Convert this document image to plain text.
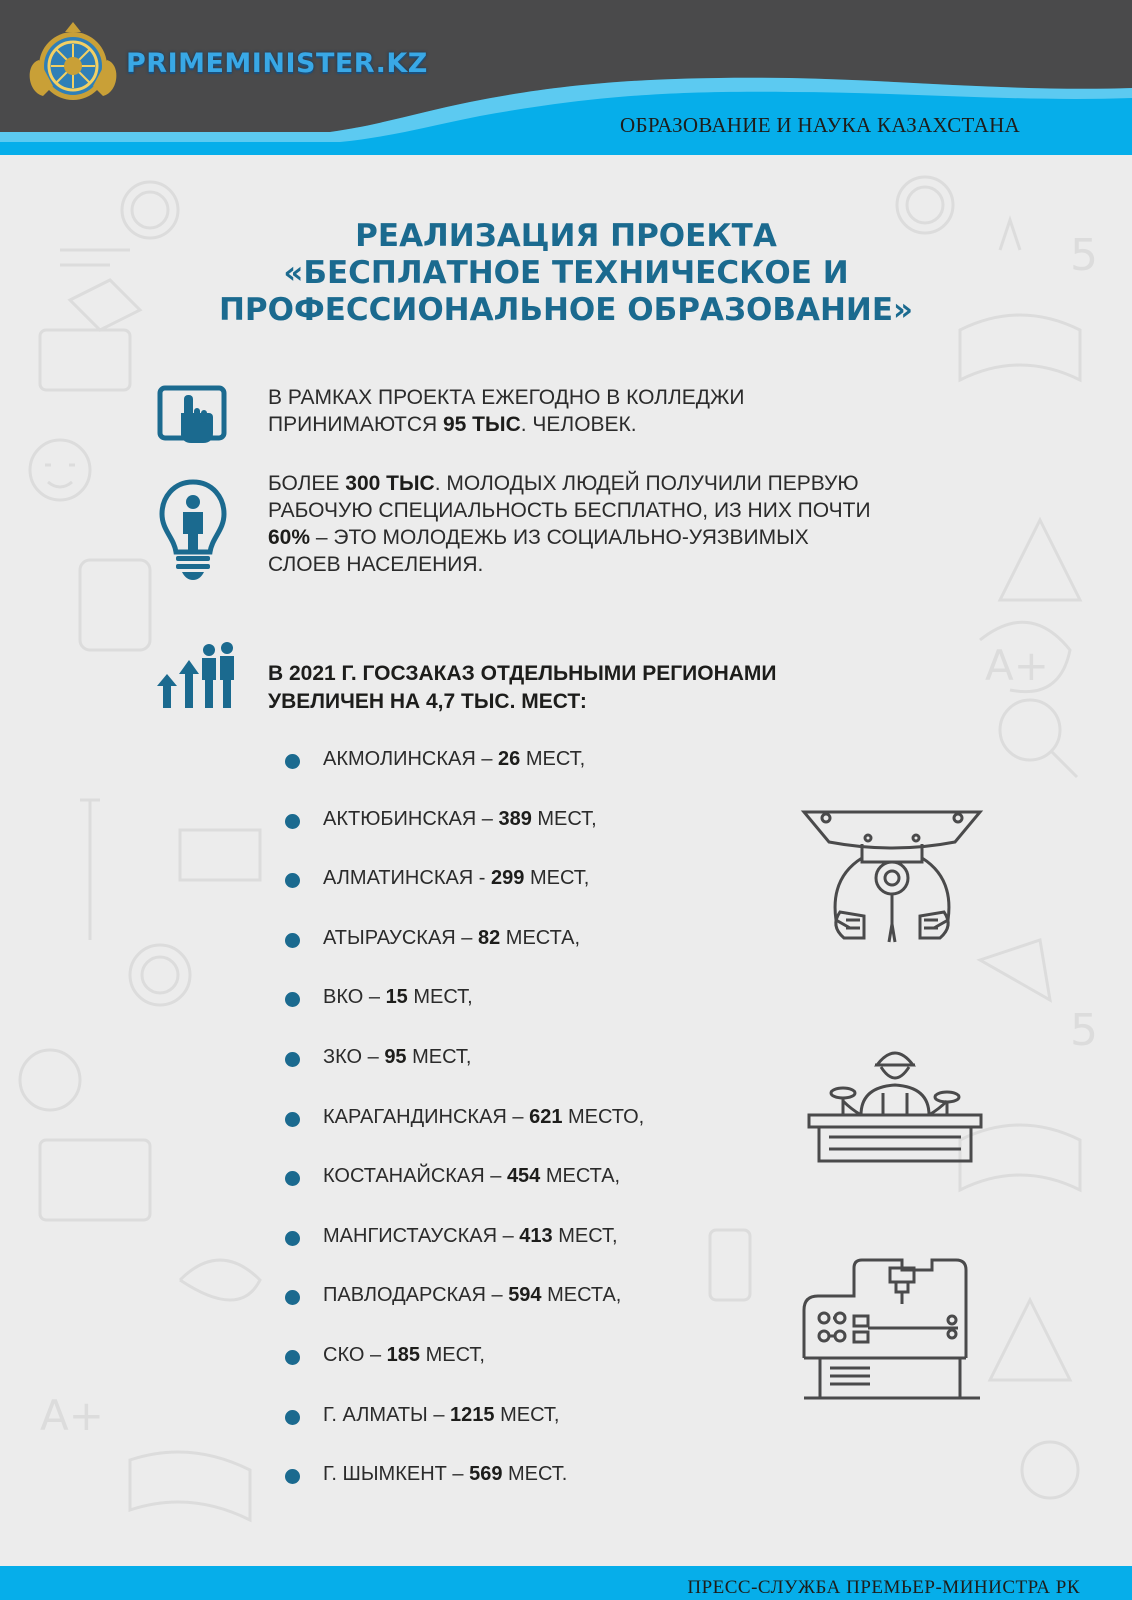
A+
5
A+
5
PRIMEMINISTER.KZ
ОБРАЗОВАНИЕ И НАУКА КАЗАХСТАНА
РЕАЛИЗАЦИЯ ПРОЕКТА
«БЕСПЛАТНОЕ ТЕХНИЧЕСКОЕ И
ПРОФЕССИОНАЛЬНОЕ ОБРАЗОВАНИЕ»
В РАМКАХ ПРОЕКТА ЕЖЕГОДНО В КОЛЛЕДЖИ
ПРИНИМАЮТСЯ 95 ТЫС. ЧЕЛОВЕК.
БОЛЕЕ 300 ТЫС. МОЛОДЫХ ЛЮДЕЙ ПОЛУЧИЛИ ПЕРВУЮ
РАБОЧУЮ СПЕЦИАЛЬНОСТЬ БЕСПЛАТНО, ИЗ НИХ ПОЧТИ
60% – ЭТО МОЛОДЕЖЬ ИЗ СОЦИАЛЬНО-УЯЗВИМЫХ
СЛОЕВ НАСЕЛЕНИЯ.
В 2021 Г. ГОСЗАКАЗ ОТДЕЛЬНЫМИ РЕГИОНАМИ
УВЕЛИЧЕН НА 4,7 ТЫС. МЕСТ:
АКМОЛИНСКАЯ – 26 МЕСТ,
АКТЮБИНСКАЯ – 389 МЕСТ,
АЛМАТИНСКАЯ - 299 МЕСТ,
АТЫРАУСКАЯ – 82 МЕСТА,
ВКО – 15 МЕСТ,
ЗКО – 95 МЕСТ,
КАРАГАНДИНСКАЯ – 621 МЕСТО,
КОСТАНАЙСКАЯ – 454 МЕСТА,
МАНГИСТАУСКАЯ – 413 МЕСТ,
ПАВЛОДАРСКАЯ – 594 МЕСТА,
СКО – 185 МЕСТ,
Г. АЛМАТЫ – 1215 МЕСТ,
Г. ШЫМКЕНТ – 569 МЕСТ.
ПРЕСС-СЛУЖБА ПРЕМЬЕР-МИНИСТРА РК
